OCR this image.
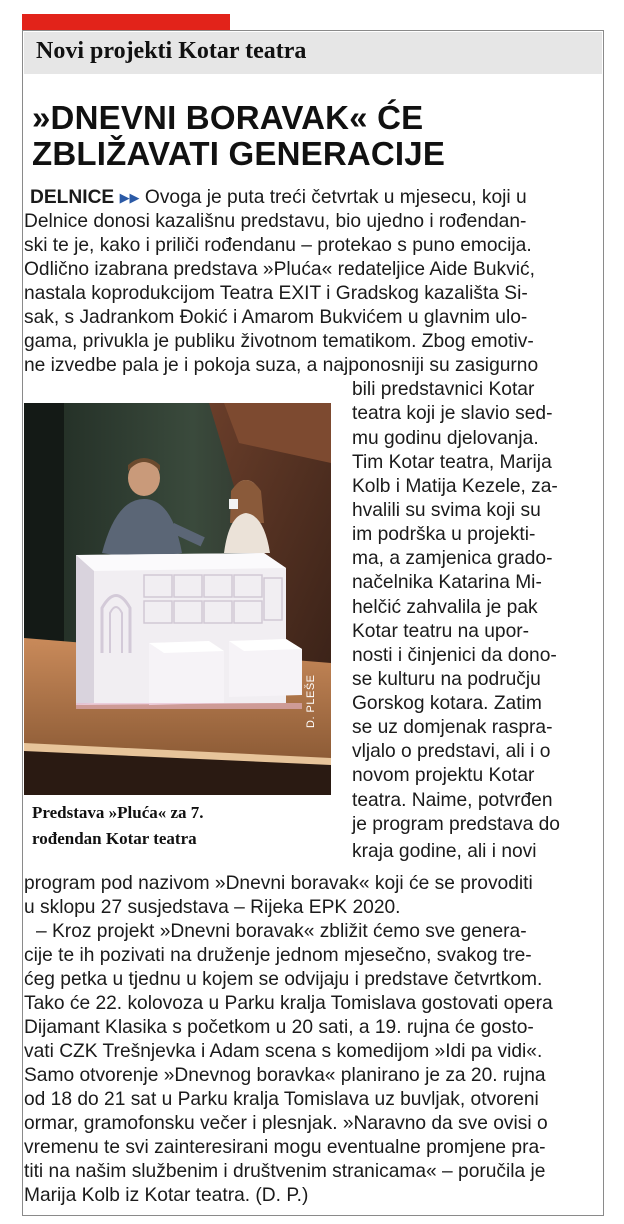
Novi projekti Kotar teatra
»DNEVNI BORAVAK« ĆE
ZBLIŽAVATI GENERACIJE
DELNICE ▶▶ Ovoga je puta treći četvrtak u mjesecu, koji u
Delnice donosi kazališnu predstavu, bio ujedno i rođendan-
ski te je, kako i priliči rođendanu – protekao s puno emocija.
Odlično izabrana predstava »Pluća« redateljice Aide Bukvić,
nastala koprodukcijom Teatra EXIT i Gradskog kazališta Si-
sak, s Jadrankom Đokić i Amarom Bukvićem u glavnim ulo-
gama, privukla je publiku životnom tematikom. Zbog emotiv-
ne izvedbe pala je i pokoja suza, a najponosniji su zasigurno
bili predstavnici Kotar
teatra koji je slavio sed-
mu godinu djelovanja.
Tim Kotar teatra, Marija
Kolb i Matija Kezele, za-
hvalili su svima koji su
im podrška u projekti-
ma, a zamjenica grado-
načelnika Katarina Mi-
helčić zahvalila je pak
Kotar teatru na upor-
nosti i činjenici da dono-
se kulturu na području
Gorskog kotara. Zatim
se uz domjenak raspra-
vljalo o predstavi, ali i o
novom projektu Kotar
teatra. Naime, potvrđen
je program predstava do
kraja godine, ali i novi
program pod nazivom »Dnevni boravak« koji će se provoditi
u sklopu 27 susjedstava – Rijeka EPK 2020.
– Kroz projekt »Dnevni boravak« zbližit ćemo sve genera-
cije te ih pozivati na druženje jednom mjesečno, svakog tre-
ćeg petka u tjednu u kojem se odvijaju i predstave četvrtkom.
Tako će 22. kolovoza u Parku kralja Tomislava gostovati opera
Dijamant Klasika s početkom u 20 sati, a 19. rujna će gosto-
vati CZK Trešnjevka i Adam scena s komedijom »Idi pa vidi«.
Samo otvorenje »Dnevnog boravka« planirano je za 20. rujna
od 18 do 21 sat u Parku kralja Tomislava uz buvljak, otvoreni
ormar, gramofonsku večer i plesnjak. »Naravno da sve ovisi o
vremenu te svi zainteresirani mogu eventualne promjene pra-
titi na našim službenim i društvenim stranicama« – poručila je
Marija Kolb iz Kotar teatra. (D. P.)
D. PLEŠE
Predstava »Pluća« za 7.
rođendan Kotar teatra
